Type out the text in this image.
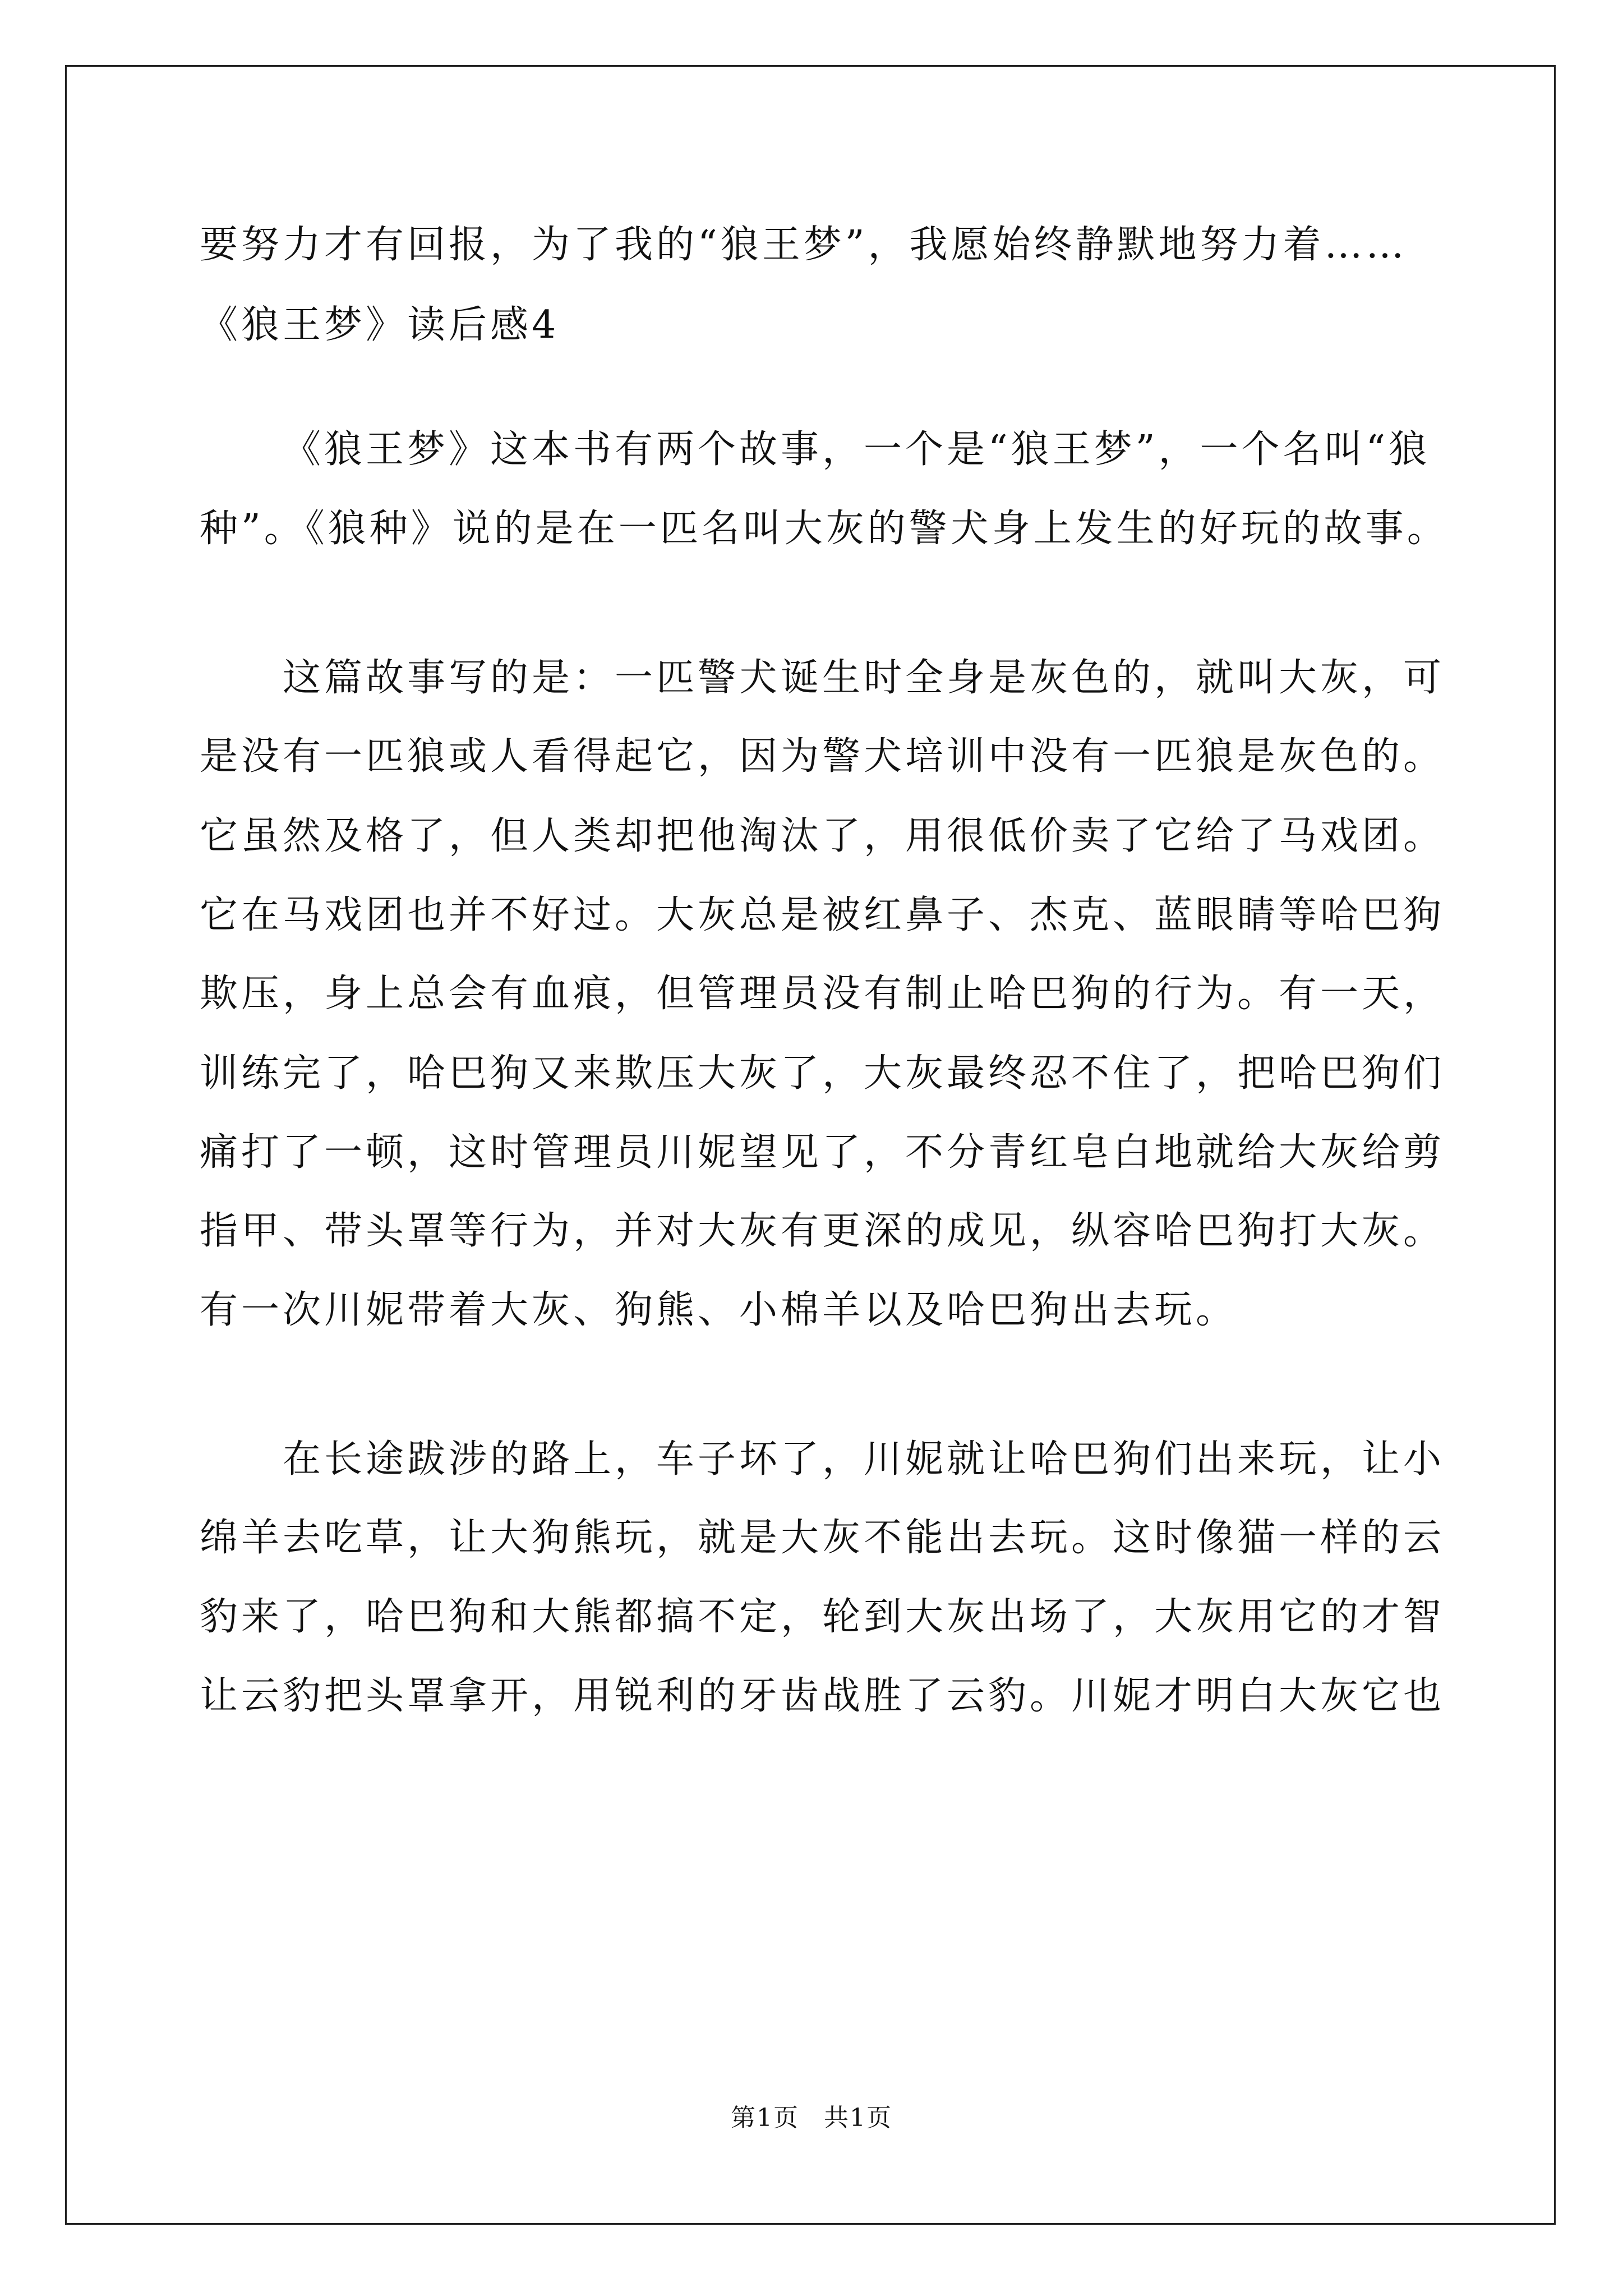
要努力才有回报，为了我的“狼王梦”，我愿始终静默地努力着……
《狼王梦》读后感4
《狼王梦》这本书有两个故事，一个是“狼王梦”，一个名叫“狼
种”。《狼种》说的是在一匹名叫大灰的警犬身上发生的好玩的故事。
这篇故事写的是：一匹警犬诞生时全身是灰色的，就叫大灰，可
是没有一匹狼或人看得起它，因为警犬培训中没有一匹狼是灰色的。
它虽然及格了，但人类却把他淘汰了，用很低价卖了它给了马戏团。
它在马戏团也并不好过。大灰总是被红鼻子、杰克、蓝眼睛等哈巴狗
欺压，身上总会有血痕，但管理员没有制止哈巴狗的行为。有一天，
训练完了，哈巴狗又来欺压大灰了，大灰最终忍不住了，把哈巴狗们
痛打了一顿，这时管理员川妮望见了，不分青红皂白地就给大灰给剪
指甲、带头罩等行为，并对大灰有更深的成见，纵容哈巴狗打大灰。
有一次川妮带着大灰、狗熊、小棉羊以及哈巴狗出去玩。
在长途跋涉的路上，车子坏了，川妮就让哈巴狗们出来玩，让小
绵羊去吃草，让大狗熊玩，就是大灰不能出去玩。这时像猫一样的云
豹来了，哈巴狗和大熊都搞不定，轮到大灰出场了，大灰用它的才智
让云豹把头罩拿开，用锐利的牙齿战胜了云豹。川妮才明白大灰它也
第1页 共1页
